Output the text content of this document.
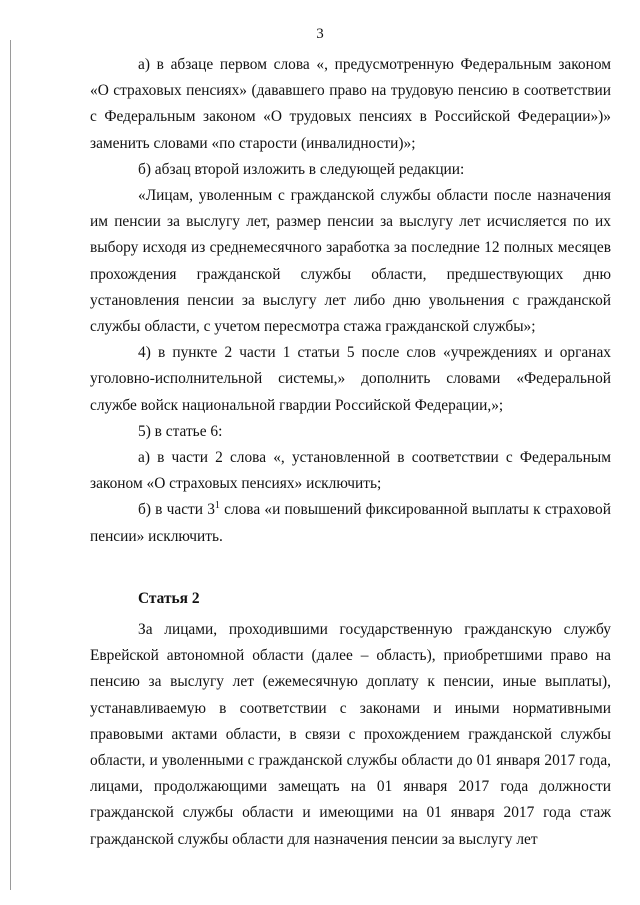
3

а) в абзаце первом слова «, предусмотренную Федеральным законом «О страховых пенсиях» (дававшего право на трудовую пенсию в соответствии с Федеральным законом «О трудовых пенсиях в Российской Федерации»)» заменить словами «по старости (инвалидности)»;

б) абзац второй изложить в следующей редакции:

«Лицам, уволенным с гражданской службы области после назначения им пенсии за выслугу лет, размер пенсии за выслугу лет исчисляется по их выбору исходя из среднемесячного заработка за последние 12 полных месяцев прохождения гражданской службы области, предшествующих дню установления пенсии за выслугу лет либо дню увольнения с гражданской службы области, с учетом пересмотра стажа гражданской службы»;

4) в пункте 2 части 1 статьи 5 после слов «учреждениях и органах уголовно-исполнительной системы,» дополнить словами «Федеральной службе войск национальной гвардии Российской Федерации,»;

5) в статье 6:

а) в части 2 слова «, установленной в соответствии с Федеральным законом «О страховых пенсиях» исключить;

б) в части $3^1$ слова «и повышений фиксированной выплаты к страховой пенсии» исключить.

Статья 2

За лицами, проходившими государственную гражданскую службу Еврейской автономной области (далее – область), приобретшими право на пенсию за выслугу лет (ежемесячную доплату к пенсии, иные выплаты), устанавливаемую в соответствии с законами и иными нормативными правовыми актами области, в связи с прохождением гражданской службы области, и уволенными с гражданской службы области до 01 января 2017 года, лицами, продолжающими замещать на 01 января 2017 года должности гражданской службы области и имеющими на 01 января 2017 года стаж гражданской службы области для назначения пенсии за выслугу лет
